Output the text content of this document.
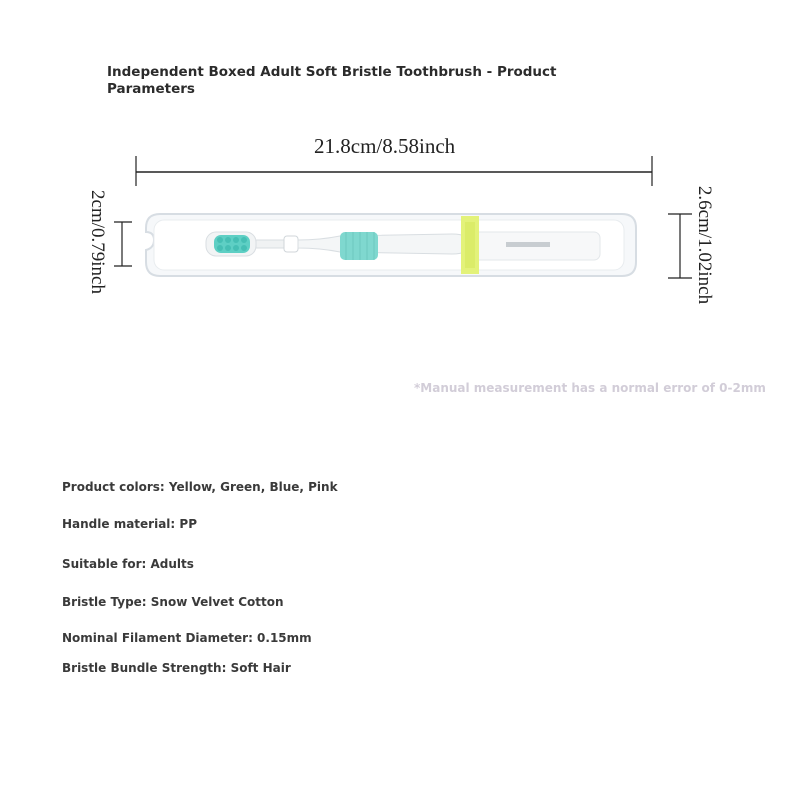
Independent Boxed Adult Soft Bristle Toothbrush - Product Parameters
21.8cm/8.58inch
2cm/0.79inch	2.6cm/1.02inch
*Manual measurement has a normal error of 0-2mm
Product colors: Yellow, Green, Blue, Pink
Handle material: PP
Suitable for: Adults
Bristle Type: Snow Velvet Cotton
Nominal Filament Diameter: 0.15mm
Bristle Bundle Strength: Soft Hair
